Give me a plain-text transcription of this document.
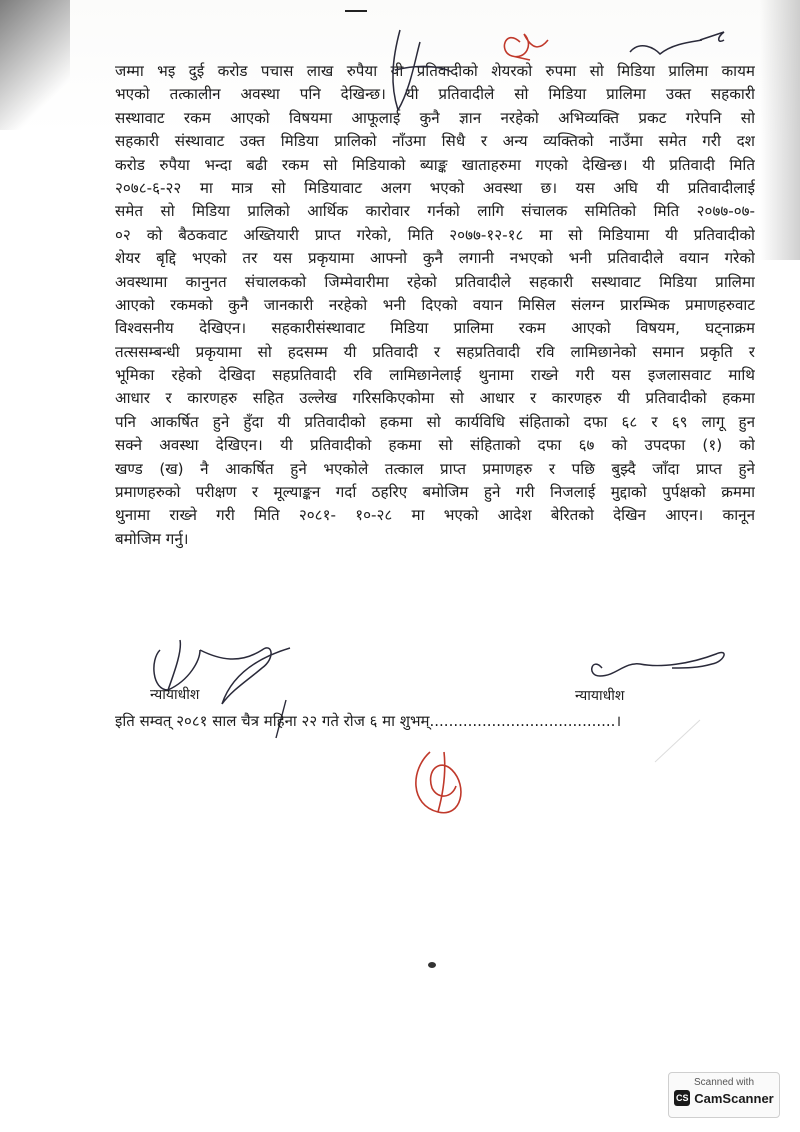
जम्मा भइ दुई करोड पचास लाख रुपैया यी प्रतिवादीको शेयरको रुपमा सो मिडिया प्रालिमा कायम
भएको तत्कालीन अवस्था पनि देखिन्छ। यी प्रतिवादीले सो मिडिया प्रालिमा उक्त सहकारी
सस्थावाट रकम आएको विषयमा आफूलाई कुनै ज्ञान नरहेको अभिव्यक्ति प्रकट गरेपनि सो
सहकारी संस्थावाट उक्त मिडिया प्रालिको नाँउमा सिधै र अन्य व्यक्तिको नाउँमा समेत गरी दश
करोड रुपैया भन्दा बढी रकम सो मिडियाको ब्याङ्क खाताहरुमा गएको देखिन्छ। यी प्रतिवादी मिति
२०७८-६-२२ मा मात्र सो मिडियावाट अलग भएको अवस्था छ। यस अघि यी प्रतिवादीलाई
समेत सो मिडिया प्रालिको आर्थिक कारोवार गर्नको लागि संचालक समितिको मिति २०७७-०७-
०२ को बैठकवाट अख्तियारी प्राप्त गरेको, मिति २०७७-१२-१८ मा सो मिडियामा यी प्रतिवादीको
शेयर बृद्दि भएको तर यस प्रकृयामा आफ्नो कुनै लगानी नभएको भनी प्रतिवादीले वयान गरेको
अवस्थामा कानुनत संचालकको जिम्मेवारीमा रहेको प्रतिवादीले सहकारी सस्थावाट मिडिया प्रालिमा
आएको रकमको कुनै जानकारी नरहेको भनी दिएको वयान मिसिल संलग्न प्रारम्भिक प्रमाणहरुवाट
विश्वसनीय देखिएन। सहकारीसंस्थावाट मिडिया प्रालिमा रकम आएको विषयम, घट्नाक्रम
तत्ससम्बन्धी प्रकृयामा सो हदसम्म यी प्रतिवादी र सहप्रतिवादी रवि लामिछानेको समान प्रकृति र
भूमिका रहेको देखिदा सहप्रतिवादी रवि लामिछानेलाई थुनामा राख्ने गरी यस इजलासवाट माथि
आधार र कारणहरु सहित उल्लेख गरिसकिएकोमा सो आधार र कारणहरु यी प्रतिवादीको हकमा
पनि आकर्षित हुने हुँदा यी प्रतिवादीको हकमा सो कार्यविधि संहिताको दफा ६८ र ६९ लागू हुन
सक्ने अवस्था देखिएन। यी प्रतिवादीको हकमा सो संहिताको दफा ६७ को उपदफा (१) को
खण्ड (ख) नै आकर्षित हुने भएकोले तत्काल प्राप्त प्रमाणहरु र पछि बुझ्दै जाँदा प्राप्त हुने
प्रमाणहरुको परीक्षण र मूल्याङ्कन गर्दा ठहरिए बमोजिम हुने गरी निजलाई मुद्दाको पुर्पक्षको क्रममा
थुनामा राख्ने गरी मिति २०८१- १०-२८ मा भएको आदेश बेरितको देखिन आएन। कानून
बमोजिम गर्नु।
न्यायाधीश	न्यायाधीश
इति सम्वत् २०८१ साल चैत्र महिना २२ गते रोज ६ मा शुभम्.......................................।
Scanned with
CS CamScanner
